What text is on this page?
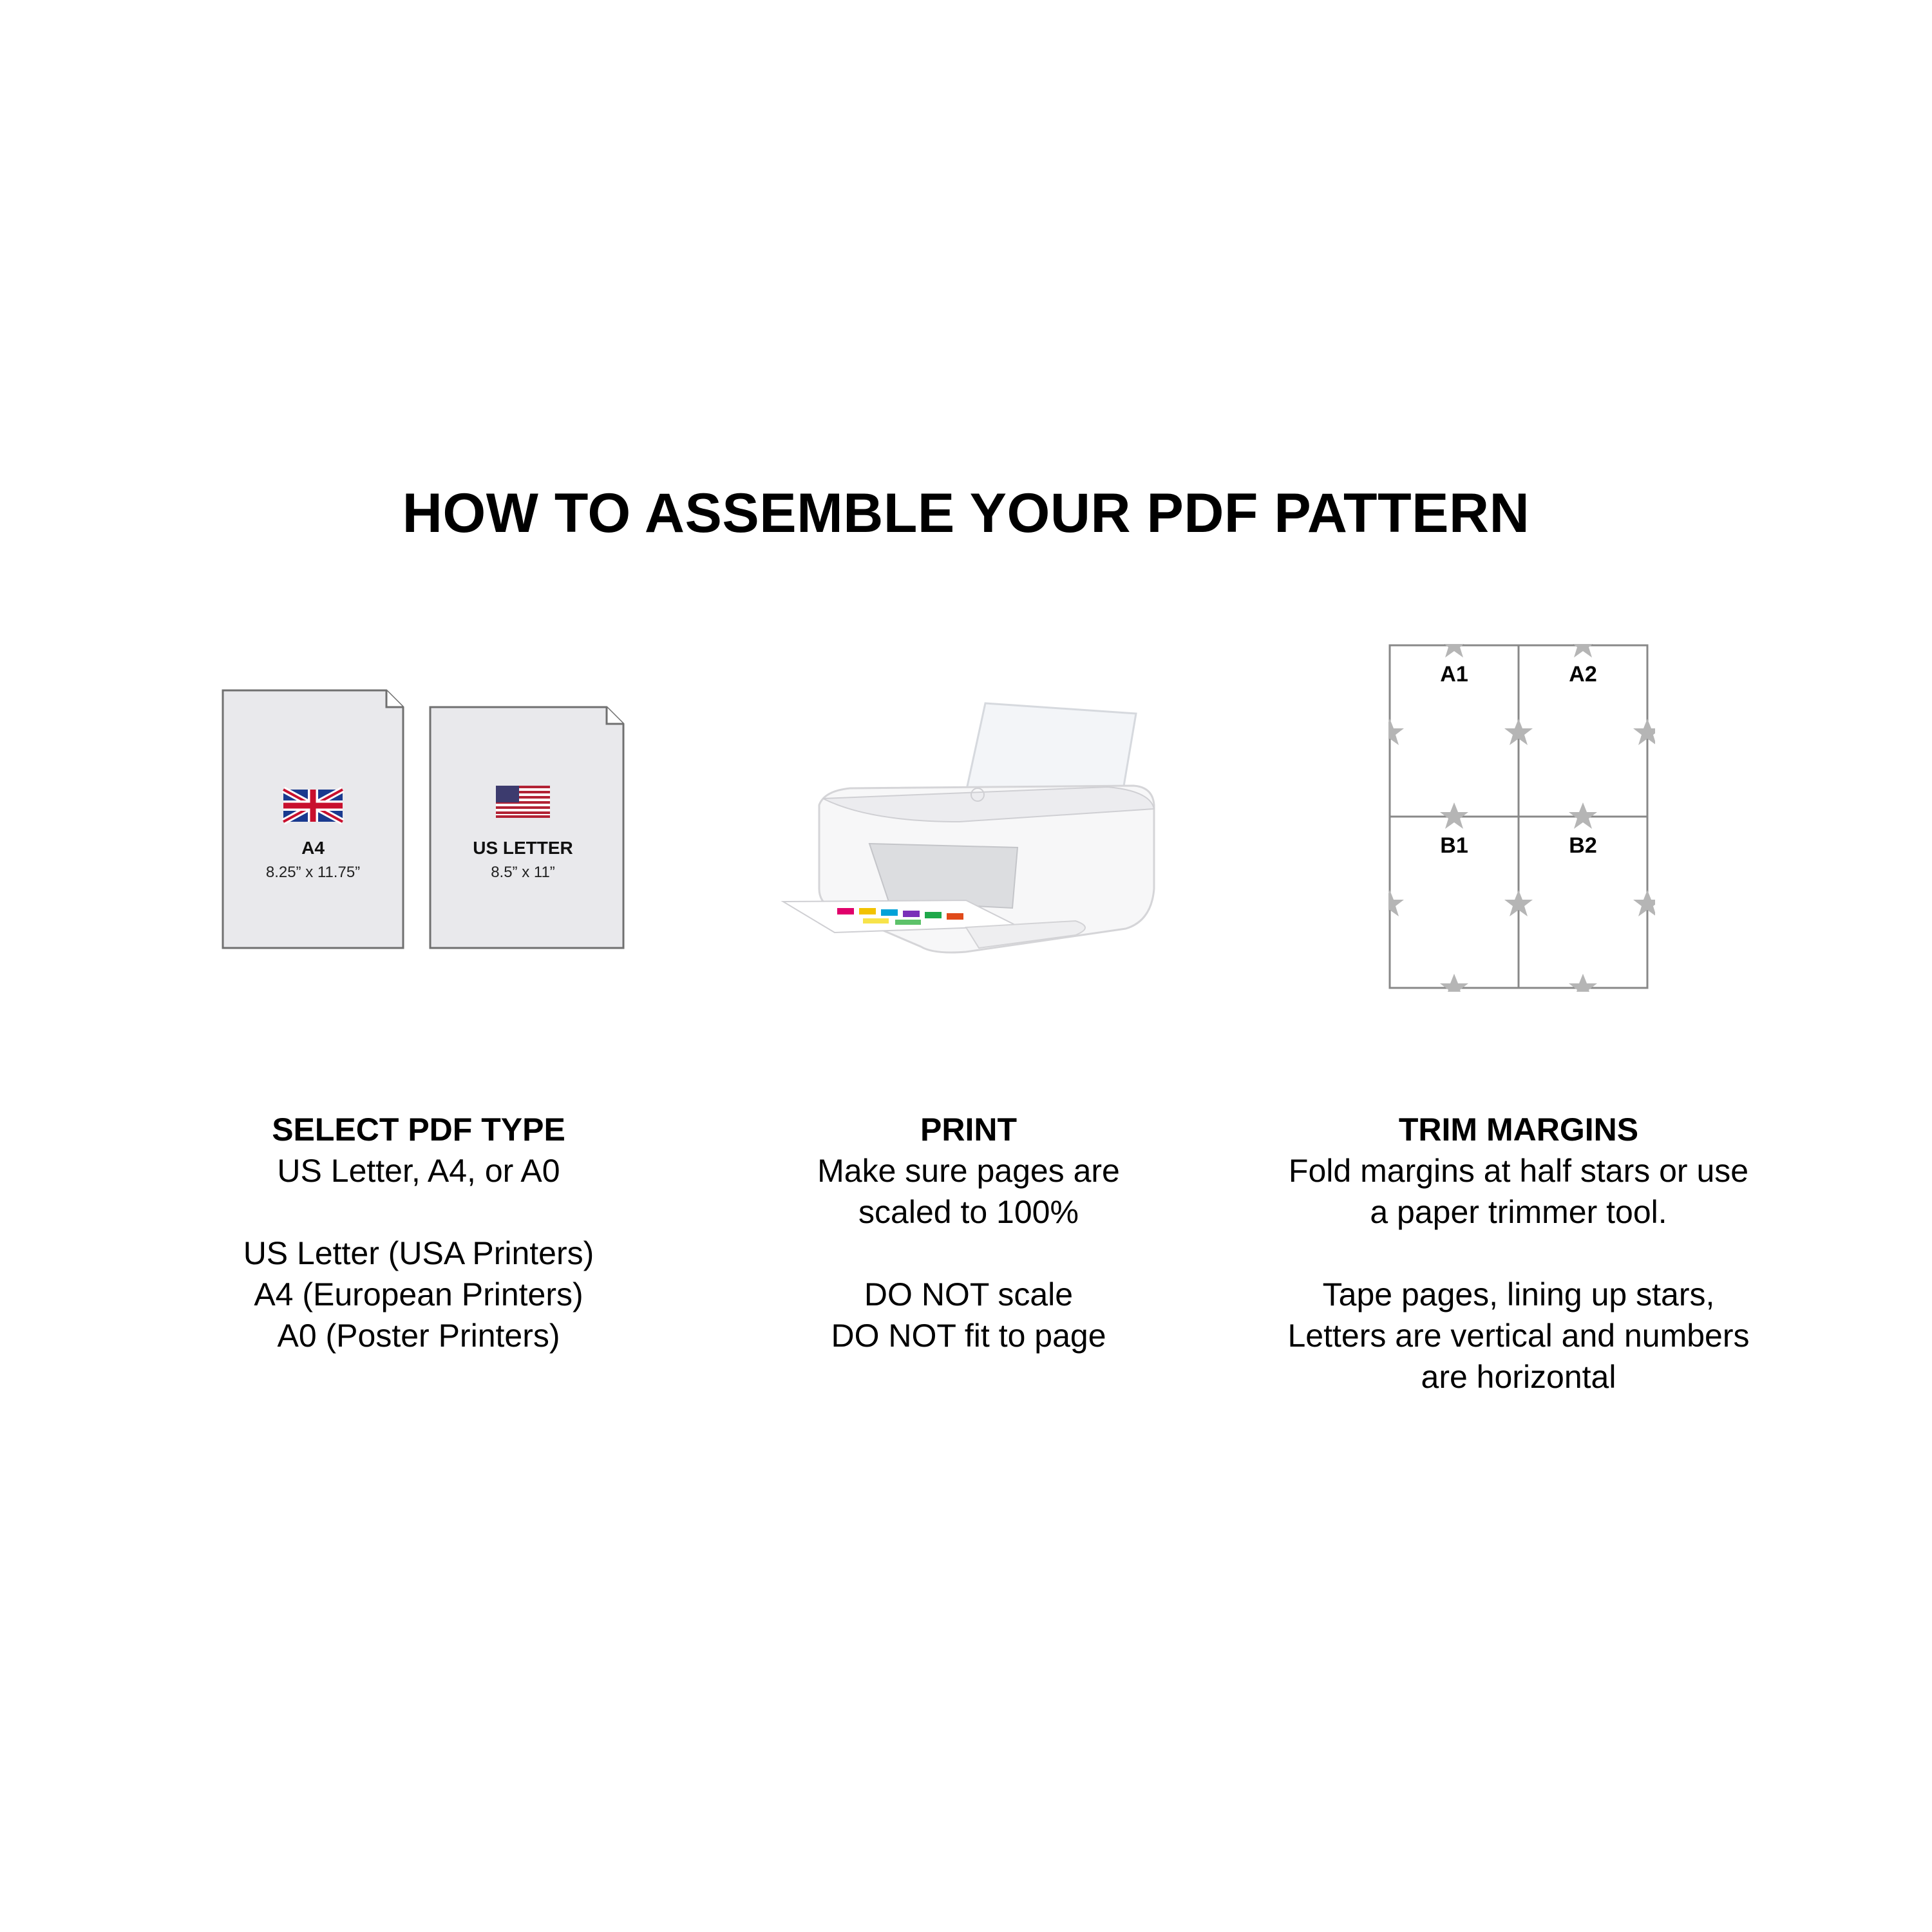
HOW TO ASSEMBLE YOUR PDF PATTERN
A4
8.25” x 11.75”
US LETTER
8.5” x 11”
A1	A2
B1	B2
SELECT PDF TYPE
US Letter, A4, or A0
US Letter (USA Printers)
A4 (European Printers)
A0 (Poster Printers)
PRINT
Make sure pages are
scaled to 100%
DO NOT scale
DO NOT fit to page
TRIM MARGINS
Fold margins at half stars or use
a paper trimmer tool.
Tape pages, lining up stars,
Letters are vertical and numbers
are horizontal
